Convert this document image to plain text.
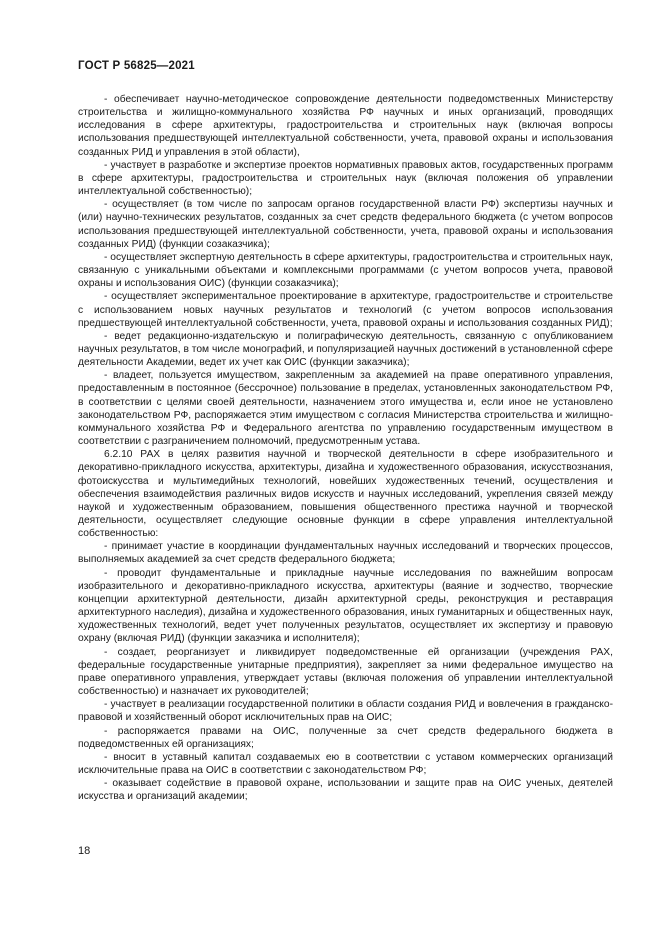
ГОСТ Р 56825—2021

- обеспечивает научно-методическое сопровождение деятельности подведомственных Министерству строительства и жилищно-коммунального хозяйства РФ научных и иных организаций, проводящих исследования в сфере архитектуры, градостроительства и строительных наук (включая вопросы использования предшествующей интеллектуальной собственности, учета, правовой охраны и использования созданных РИД и управления в этой области),

- участвует в разработке и экспертизе проектов нормативных правовых актов, государственных программ в сфере архитектуры, градостроительства и строительных наук (включая положения об управлении интеллектуальной собственностью);

- осуществляет (в том числе по запросам органов государственной власти РФ) экспертизы научных и (или) научно-технических результатов, созданных за счет средств федерального бюджета (с учетом вопросов использования предшествующей интеллектуальной собственности, учета, правовой охраны и использования созданных РИД) (функции созаказчика);

- осуществляет экспертную деятельность в сфере архитектуры, градостроительства и строительных наук, связанную с уникальными объектами и комплексными программами (с учетом вопросов учета, правовой охраны и использования ОИС) (функции созаказчика);

- осуществляет экспериментальное проектирование в архитектуре, градостроительстве и строительстве с использованием новых научных результатов и технологий (с учетом вопросов использования предшествующей интеллектуальной собственности, учета, правовой охраны и использования созданных РИД);

- ведет редакционно-издательскую и полиграфическую деятельность, связанную с опубликованием научных результатов, в том числе монографий, и популяризацией научных достижений в установленной сфере деятельности Академии, ведет их учет как ОИС (функции заказчика);

- владеет, пользуется имуществом, закрепленным за академией на праве оперативного управления, предоставленным в постоянное (бессрочное) пользование в пределах, установленных законодательством РФ, в соответствии с целями своей деятельности, назначением этого имущества и, если иное не установлено законодательством РФ, распоряжается этим имуществом с согласия Министерства строительства и жилищно-коммунального хозяйства РФ и Федерального агентства по управлению государственным имуществом в соответствии с разграничением полномочий, предусмотренным устава.

6.2.10 РАХ в целях развития научной и творческой деятельности в сфере изобразительного и декоративно-прикладного искусства, архитектуры, дизайна и художественного образования, искусствознания, фотоискусства и мультимедийных технологий, новейших художественных течений, осуществления и обеспечения взаимодействия различных видов искусств и научных исследований, укрепления связей между наукой и художественным образованием, повышения общественного престижа научной и творческой деятельности, осуществляет следующие основные функции в сфере управления интеллектуальной собственностью:

- принимает участие в координации фундаментальных научных исследований и творческих процессов, выполняемых академией за счет средств федерального бюджета;

- проводит фундаментальные и прикладные научные исследования по важнейшим вопросам изобразительного и декоративно-прикладного искусства, архитектуры (ваяние и зодчество, творческие концепции архитектурной деятельности, дизайн архитектурной среды, реконструкция и реставрация архитектурного наследия), дизайна и художественного образования, иных гуманитарных и общественных наук, художественных технологий, ведет учет полученных результатов, осуществляет их экспертизу и правовую охрану (включая РИД) (функции заказчика и исполнителя);

- создает, реорганизует и ликвидирует подведомственные ей организации (учреждения РАХ, федеральные государственные унитарные предприятия), закрепляет за ними федеральное имущество на праве оперативного управления, утверждает уставы (включая положения об управлении интеллектуальной собственностью) и назначает их руководителей;

- участвует в реализации государственной политики в области создания РИД и вовлечения в гражданско-правовой и хозяйственный оборот исключительных прав на ОИС;

- распоряжается правами на ОИС, полученные за счет средств федерального бюджета в подведомственных ей организациях;

- вносит в уставный капитал создаваемых ею в соответствии с уставом коммерческих организаций исключительные права на ОИС в соответствии с законодательством РФ;

- оказывает содействие в правовой охране, использовании и защите прав на ОИС ученых, деятелей искусства и организаций академии;

18
